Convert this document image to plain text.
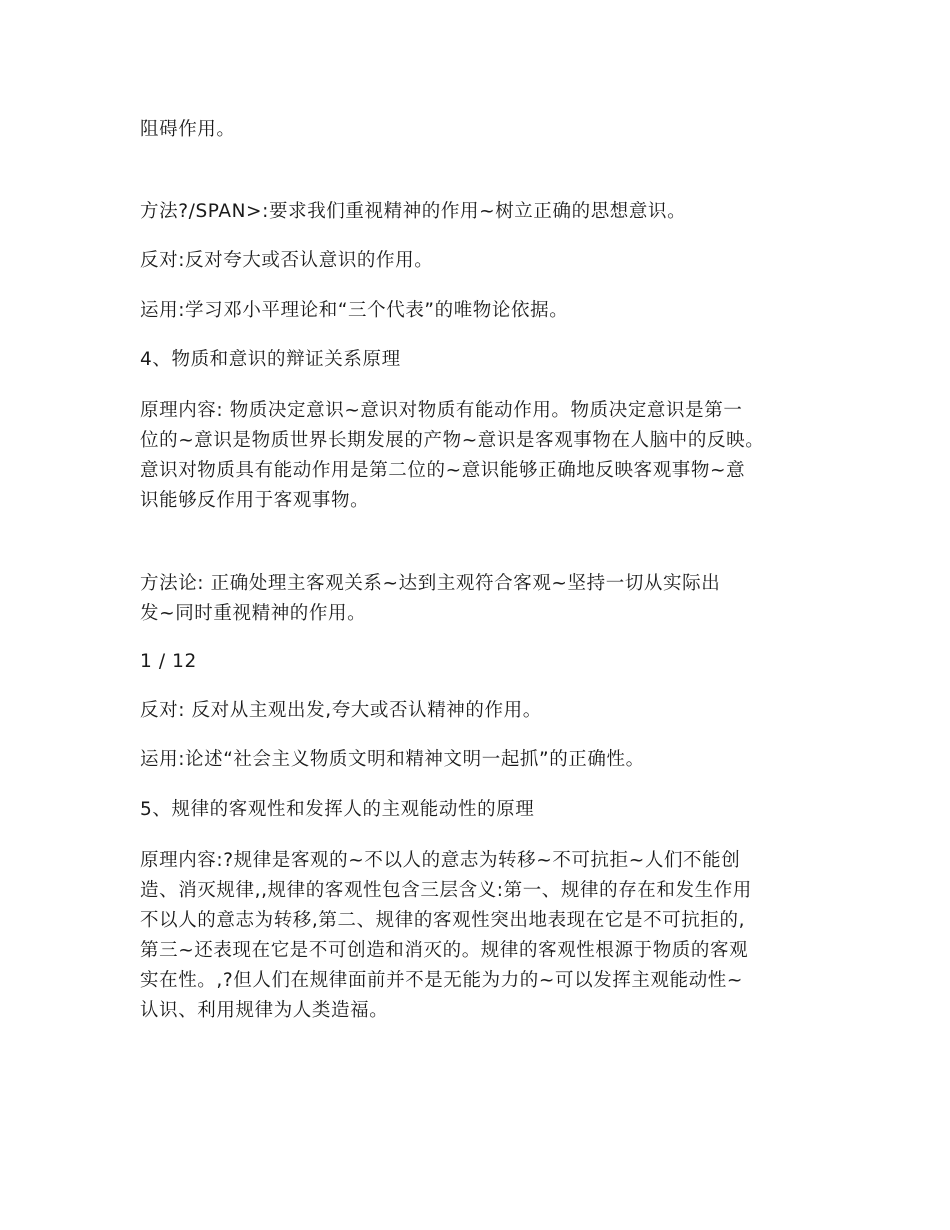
阻碍作用。

方法?/SPAN>:要求我们重视精神的作用~树立正确的思想意识。

反对:反对夸大或否认意识的作用。

运用:学习邓小平理论和“三个代表”的唯物论依据。

4、物质和意识的辩证关系原理

原理内容: 物质决定意识~意识对物质有能动作用。物质决定意识是第一
位的~意识是物质世界长期发展的产物~意识是客观事物在人脑中的反映。
意识对物质具有能动作用是第二位的~意识能够正确地反映客观事物~意
识能够反作用于客观事物。

方法论: 正确处理主客观关系~达到主观符合客观~坚持一切从实际出
发~同时重视精神的作用。

1 / 12

反对: 反对从主观出发,夸大或否认精神的作用。

运用:论述“社会主义物质文明和精神文明一起抓”的正确性。

5、规律的客观性和发挥人的主观能动性的原理

原理内容:?规律是客观的~不以人的意志为转移~不可抗拒~人们不能创
造、消灭规律,,规律的客观性包含三层含义:第一、规律的存在和发生作用
不以人的意志为转移,第二、规律的客观性突出地表现在它是不可抗拒的,
第三~还表现在它是不可创造和消灭的。规律的客观性根源于物质的客观
实在性。,?但人们在规律面前并不是无能为力的~可以发挥主观能动性~
认识、利用规律为人类造福。
